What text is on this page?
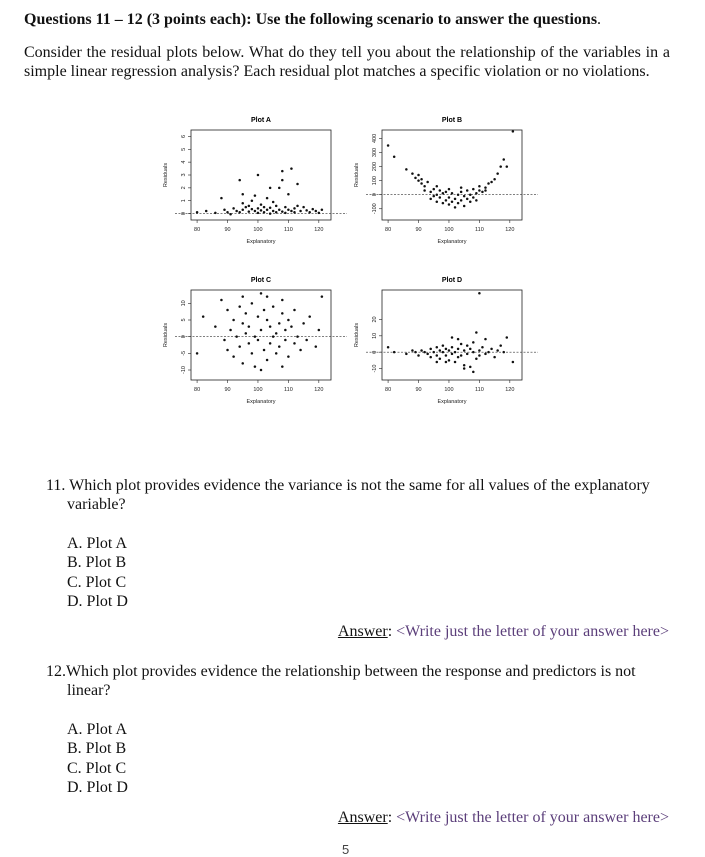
Questions 11 – 12 (3 points each): Use the following scenario to answer the questions.
Consider the residual plots below. What do they tell you about the relationship of the variables in a simple linear regression analysis? Each residual plot matches a specific violation or no violations.
Plot A
80	90	100	110	120
0
1
2
3
4
5
6
Explanatory
Residuals
Plot B
80	90	100	110	120
-100
0
100
200
300
400
Explanatory
Residuals
Plot C
80	90	100	110	120
-10
-5
0
5
10
Explanatory
Residuals
Plot D
80	90	100	110	120
-10
0
10
20
Explanatory
Residuals
11. Which plot provides evidence the variance is not the same for all values of the explanatory
variable?
A. Plot A
B. Plot B
C. Plot C
D. Plot D
Answer: <Write just the letter of your answer here>
12.Which plot provides evidence the relationship between the response and predictors is not
linear?
A. Plot A
B. Plot B
C. Plot C
D. Plot D
Answer: <Write just the letter of your answer here>
5
